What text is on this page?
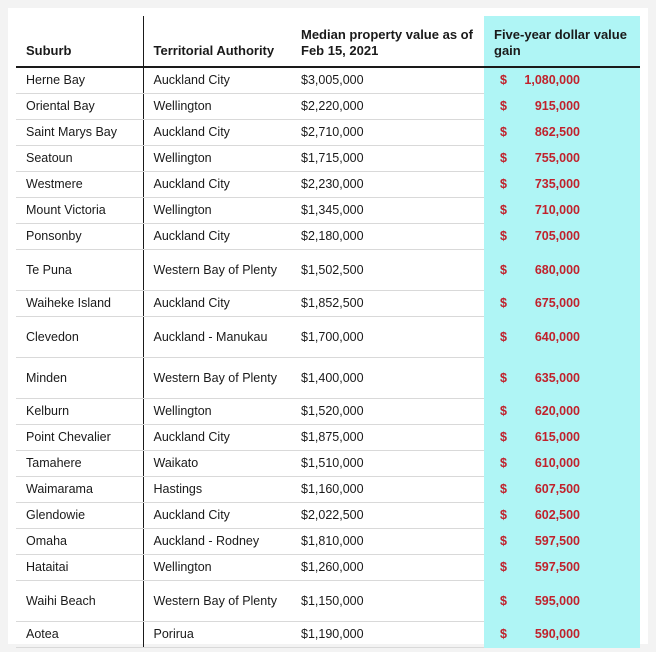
Suburb	Territorial Authority	Median property value as of Feb 15, 2021	Five-year dollar value gain
Herne Bay	Auckland City	$3,005,000	$ 1,080,000

Oriental Bay	Wellington	$2,220,000	$ 915,000

Saint Marys Bay	Auckland City	$2,710,000	$ 862,500

Seatoun	Wellington	$1,715,000	$ 755,000

Westmere	Auckland City	$2,230,000	$ 735,000

Mount Victoria	Wellington	$1,345,000	$ 710,000

Ponsonby	Auckland City	$2,180,000	$ 705,000

Te Puna	Western Bay of Plenty	$1,502,500	$ 680,000

Waiheke Island	Auckland City	$1,852,500	$ 675,000

Clevedon	Auckland - Manukau	$1,700,000	$ 640,000

Minden	Western Bay of Plenty	$1,400,000	$ 635,000

Kelburn	Wellington	$1,520,000	$ 620,000

Point Chevalier	Auckland City	$1,875,000	$ 615,000

Tamahere	Waikato	$1,510,000	$ 610,000

Waimarama	Hastings	$1,160,000	$ 607,500

Glendowie	Auckland City	$2,022,500	$ 602,500

Omaha	Auckland - Rodney	$1,810,000	$ 597,500

Hataitai	Wellington	$1,260,000	$ 597,500

Waihi Beach	Western Bay of Plenty	$1,150,000	$ 595,000

Aotea	Porirua	$1,190,000	$ 590,000
